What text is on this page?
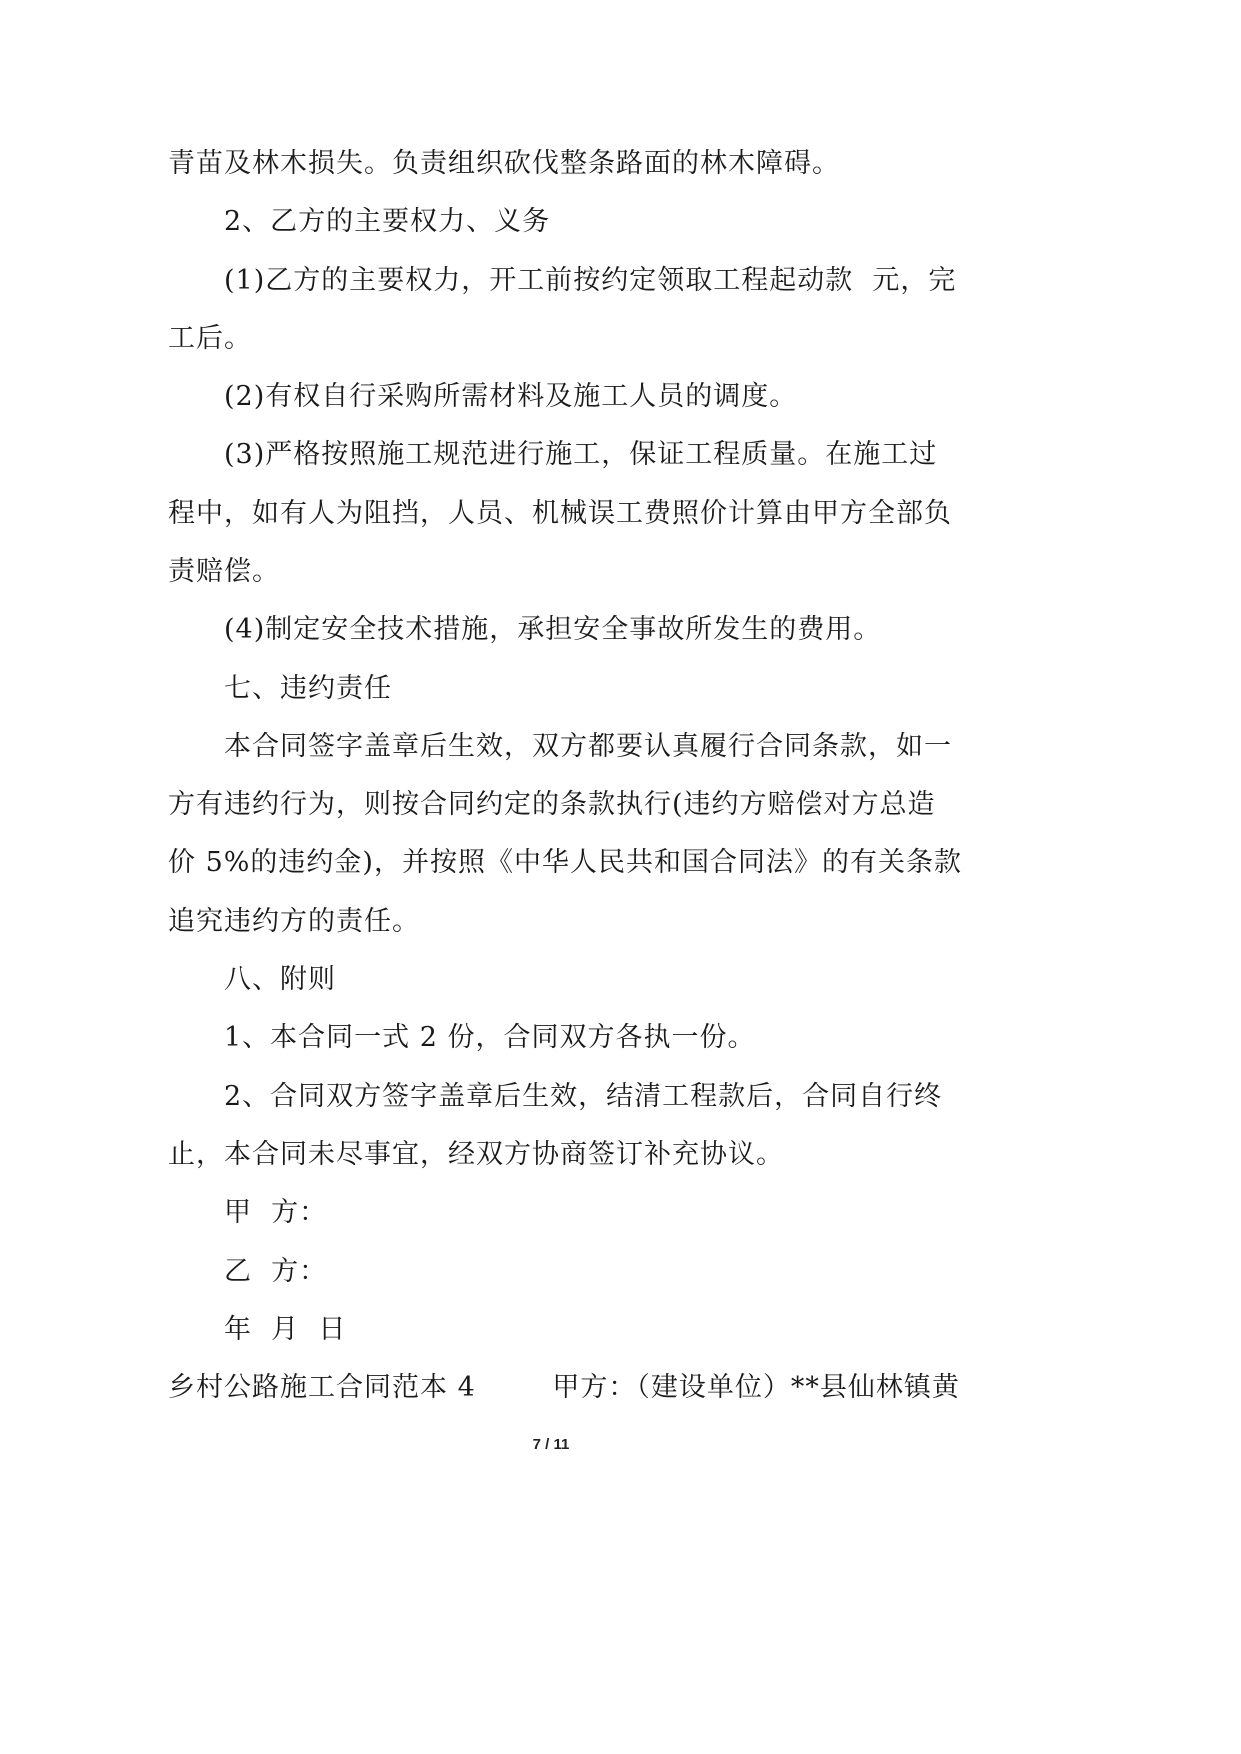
青苗及林木损失。负责组织砍伐整条路面的林木障碍。
2、乙方的主要权力、义务
(1)乙方的主要权力，开工前按约定领取工程起动款  元，完
工后。
(2)有权自行采购所需材料及施工人员的调度。
(3)严格按照施工规范进行施工，保证工程质量。在施工过
程中，如有人为阻挡，人员、机械误工费照价计算由甲方全部负
责赔偿。
(4)制定安全技术措施，承担安全事故所发生的费用。
七、违约责任
本合同签字盖章后生效，双方都要认真履行合同条款，如一
方有违约行为，则按合同约定的条款执行(违约方赔偿对方总造
价 5%的违约金)，并按照《中华人民共和国合同法》的有关条款
追究违约方的责任。
八、附则
1、本合同一式 2 份，合同双方各执一份。
2、合同双方签字盖章后生效，结清工程款后，合同自行终
止，本合同未尽事宜，经双方协商签订补充协议。
甲  方：
乙  方：
年  月  日
乡村公路施工合同范本 4        甲方：（建设单位）**县仙林镇黄
7 / 11
